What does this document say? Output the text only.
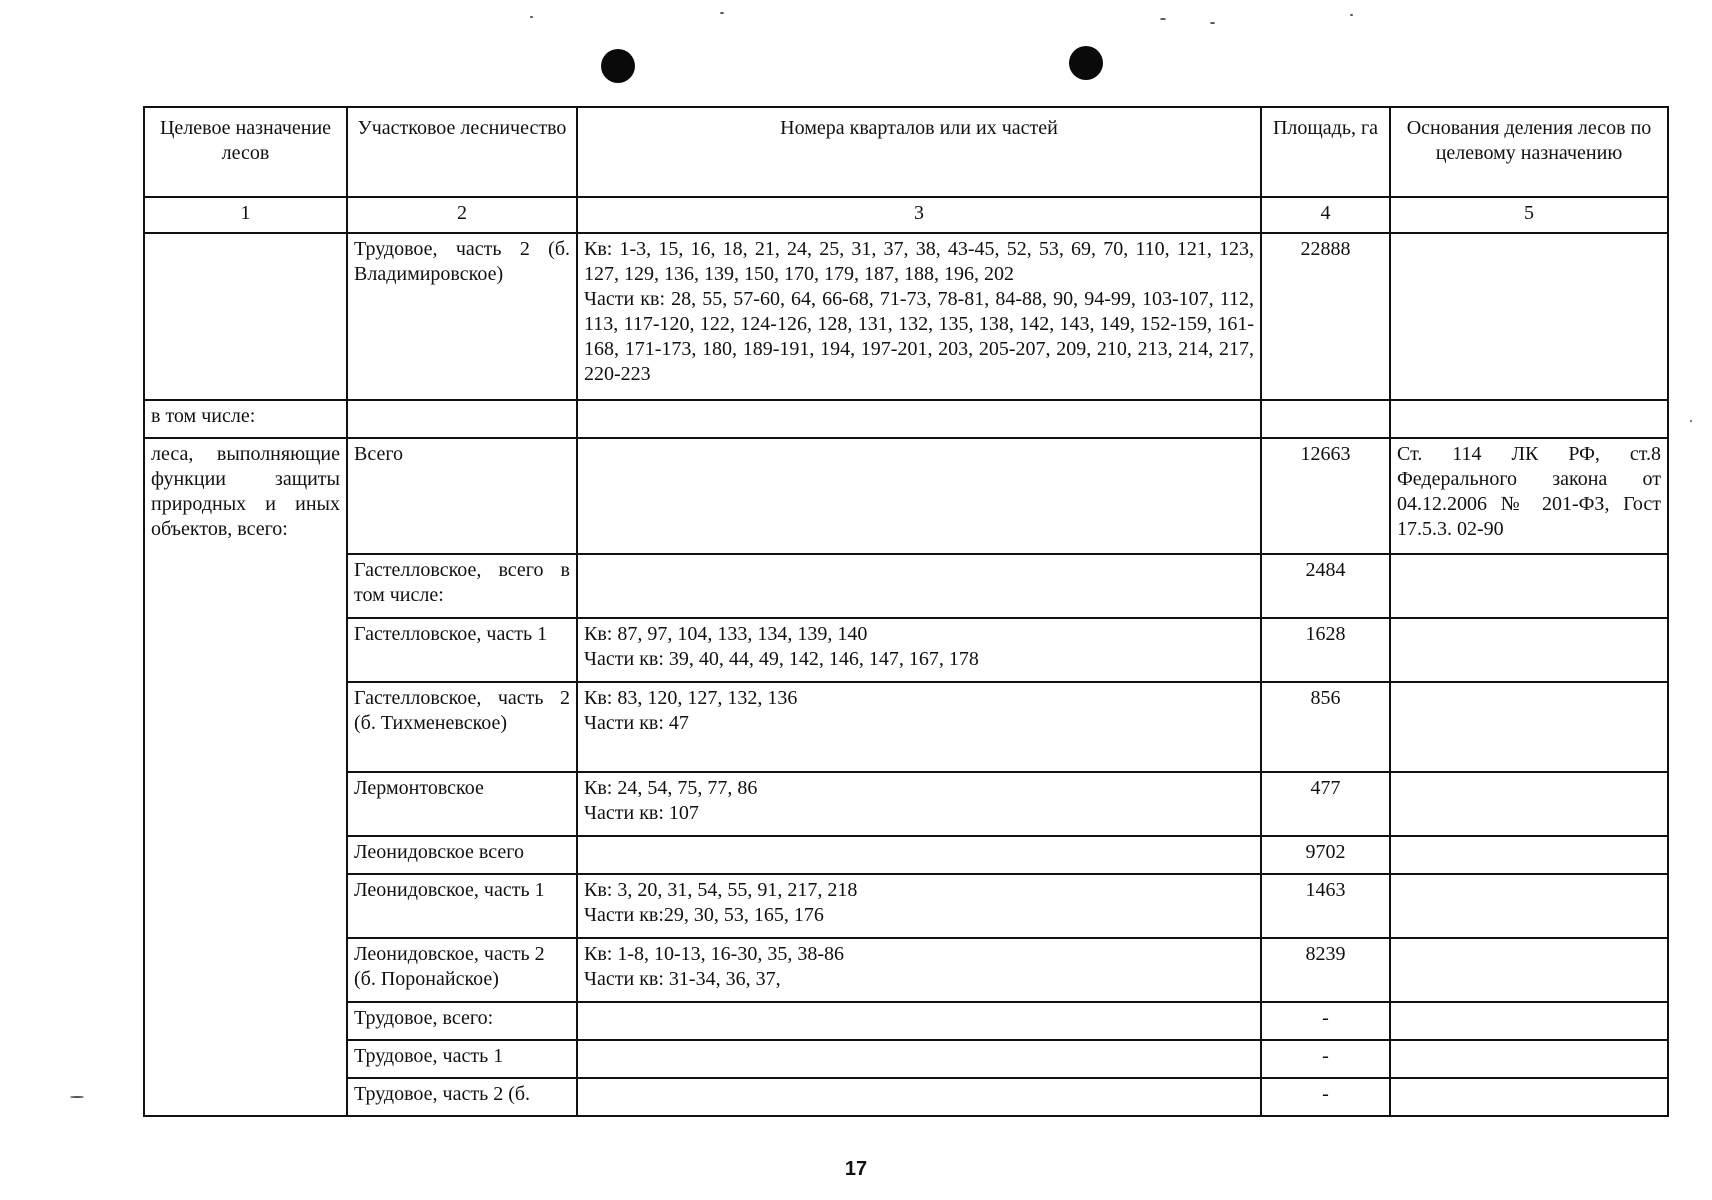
Целевое назначение лесов	Участковое лесничество	Номера кварталов или их частей	Площадь, га	Основания деления лесов по целевому назначению
1	2	3	4	5
	Трудовое, часть 2 (б. Владимировское)	Кв: 1-3, 15, 16, 18, 21, 24, 25, 31, 37, 38, 43-45, 52, 53, 69, 70, 110, 121, 123, 127, 129, 136, 139, 150, 170, 179, 187, 188, 196, 202
Части кв: 28, 55, 57-60, 64, 66-68, 71-73, 78-81, 84-88, 90, 94-99, 103-107, 112, 113, 117-120, 122, 124-126, 128, 131, 132, 135, 138, 142, 143, 149, 152-159, 161-168, 171-173, 180, 189-191, 194, 197-201, 203, 205-207, 209, 210, 213, 214, 217, 220-223	22888	
в том числе:				
леса, выполняющие функции защиты природных и иных объектов, всего:	Всего		12663	Ст. 114 ЛК РФ, ст.8 Федерального закона от 04.12.2006 № 201-ФЗ, Гост 17.5.3. 02-90
	Гастелловское, всего в том числе:		2484	
	Гастелловское, часть 1	Кв: 87, 97, 104, 133, 134, 139, 140
Части кв: 39, 40, 44, 49, 142, 146, 147, 167, 178	1628	
	Гастелловское, часть 2 (б. Тихменевское)	Кв: 83, 120, 127, 132, 136
Части кв: 47	856	
	Лермонтовское	Кв: 24, 54, 75, 77, 86
Части кв: 107	477	
	Леонидовское всего		9702	
	Леонидовское, часть 1	Кв: 3, 20, 31, 54, 55, 91, 217, 218
Части кв:29, 30, 53, 165, 176	1463	
	Леонидовское, часть 2 (б. Поронайское)	Кв: 1-8, 10-13, 16-30, 35, 38-86
Части кв: 31-34, 36, 37,	8239	
	Трудовое, всего:		-	
	Трудовое, часть 1		-	
	Трудовое, часть 2 (б.		-	
17
